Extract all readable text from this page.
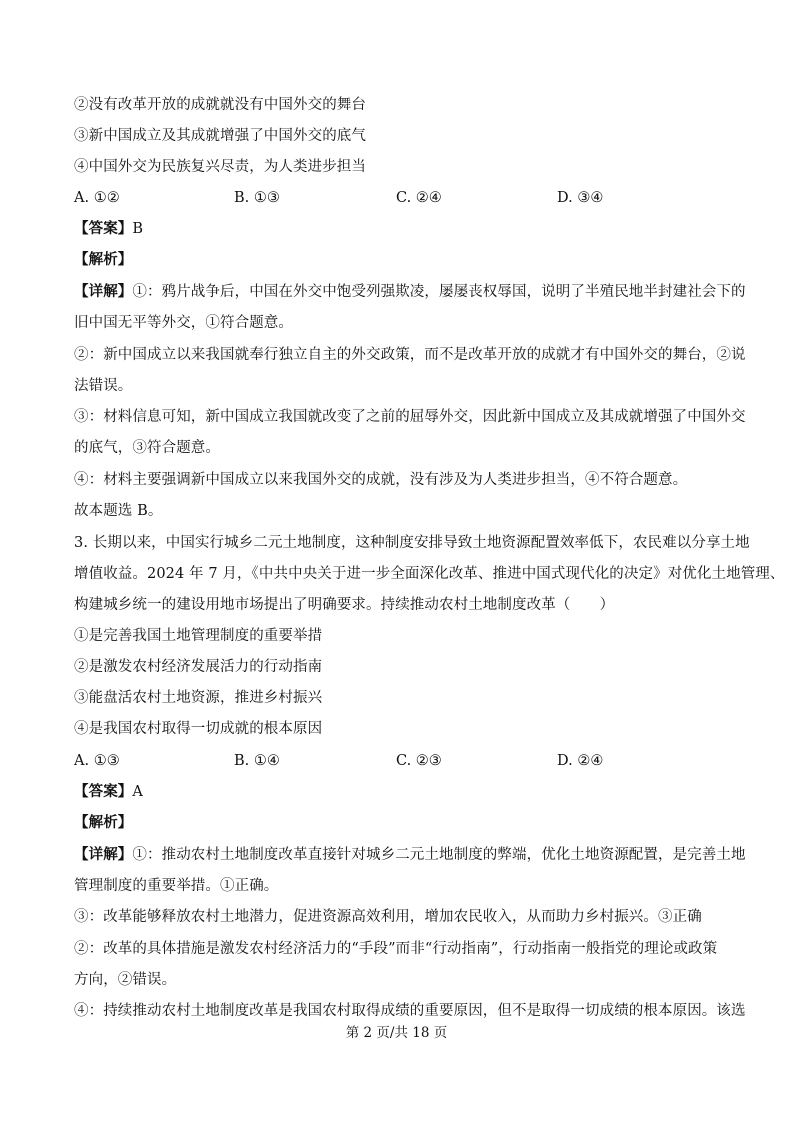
②没有改革开放的成就就没有中国外交的舞台
③新中国成立及其成就增强了中国外交的底气
④中国外交为民族复兴尽责，为人类进步担当
A. ①②	B. ①③	C. ②④	D. ③④
【答案】B
【解析】
【详解】①：鸦片战争后，中国在外交中饱受列强欺凌，屡屡丧权辱国，说明了半殖民地半封建社会下的
旧中国无平等外交，①符合题意。
②：新中国成立以来我国就奉行独立自主的外交政策，而不是改革开放的成就才有中国外交的舞台，②说
法错误。
③：材料信息可知，新中国成立我国就改变了之前的屈辱外交，因此新中国成立及其成就增强了中国外交
的底气，③符合题意。
④：材料主要强调新中国成立以来我国外交的成就，没有涉及为人类进步担当，④不符合题意。
故本题选 B。
3. 长期以来，中国实行城乡二元土地制度，这种制度安排导致土地资源配置效率低下，农民难以分享土地
增值收益。2024 年 7 月，《中共中央关于进一步全面深化改革、推进中国式现代化的决定》对优化土地管理、
构建城乡统一的建设用地市场提出了明确要求。持续推动农村土地制度改革（　　）
①是完善我国土地管理制度的重要举措
②是激发农村经济发展活力的行动指南
③能盘活农村土地资源，推进乡村振兴
④是我国农村取得一切成就的根本原因
A. ①③	B. ①④	C. ②③	D. ②④
【答案】A
【解析】
【详解】①：推动农村土地制度改革直接针对城乡二元土地制度的弊端，优化土地资源配置，是完善土地
管理制度的重要举措。①正确。
③：改革能够释放农村土地潜力，促进资源高效利用，增加农民收入，从而助力乡村振兴。③正确
②：改革的具体措施是激发农村经济活力的“手段”而非“行动指南”，行动指南一般指党的理论或政策
方向，②错误。
④：持续推动农村土地制度改革是我国农村取得成绩的重要原因，但不是取得一切成绩的根本原因。该选
第 2 页/共 18 页
